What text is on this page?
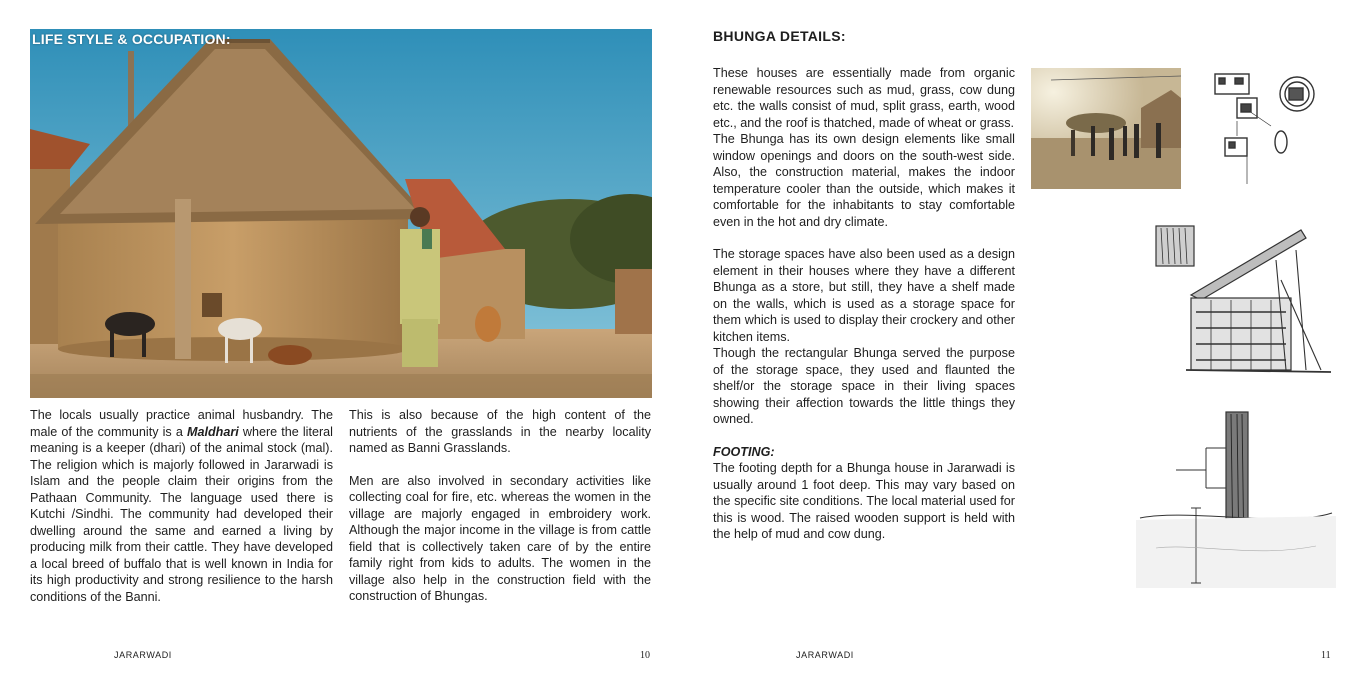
LIFE STYLE & OCCUPATION:

The locals usually practice animal husbandry. The male of the community is a Maldhari where the literal meaning is a keeper (dhari) of the animal stock (mal). The religion which is majorly followed in Jararwadi is Islam and the people claim their origins from the Pathaan Community. The language used there is Kutchi /Sindhi. The community had developed their dwelling around the same and earned a living by producing milk from their cattle. They have developed a local breed of buffalo that is well known in India for its high productivity and strong resilience to the harsh conditions of the Banni.

This is also because of the high content of the nutrients of the grasslands in the nearby locality named as Banni Grasslands.

Men are also involved in secondary activities like collecting coal for fire, etc. whereas the women in the village are majorly engaged in embroidery work. Although the major income in the village is from cattle field that is collectively taken care of by the entire family right from kids to adults. The women in the village also help in the construction field with the construction of Bhungas.

JARARWADI	10
BHUNGA DETAILS:

These houses are essentially made from organic renewable resources such as mud, grass, cow dung etc. the walls consist of mud, split grass, earth, wood etc., and the roof is thatched, made of wheat or grass.

The Bhunga has its own design elements like small window openings and doors on the south-west side. Also, the construction material, makes the indoor temperature cooler than the outside, which makes it comfortable for the inhabitants to stay comfortable even in the hot and dry climate.

The storage spaces have also been used as a design element in their houses where they have a different Bhunga as a store, but still, they have a shelf made on the walls, which is used as a storage space for them which is used to display their crockery and other kitchen items.

Though the rectangular Bhunga served the purpose of the storage space, they used and flaunted the shelf/or the storage space in their living spaces showing their affection towards the little things they owned.

FOOTING:

The footing depth for a Bhunga house in Jararwadi is usually around 1 foot deep. This may vary based on the specific site conditions. The local material used for this is wood. The raised wooden support is held with the help of mud and cow dung.

JARARWADI	11
